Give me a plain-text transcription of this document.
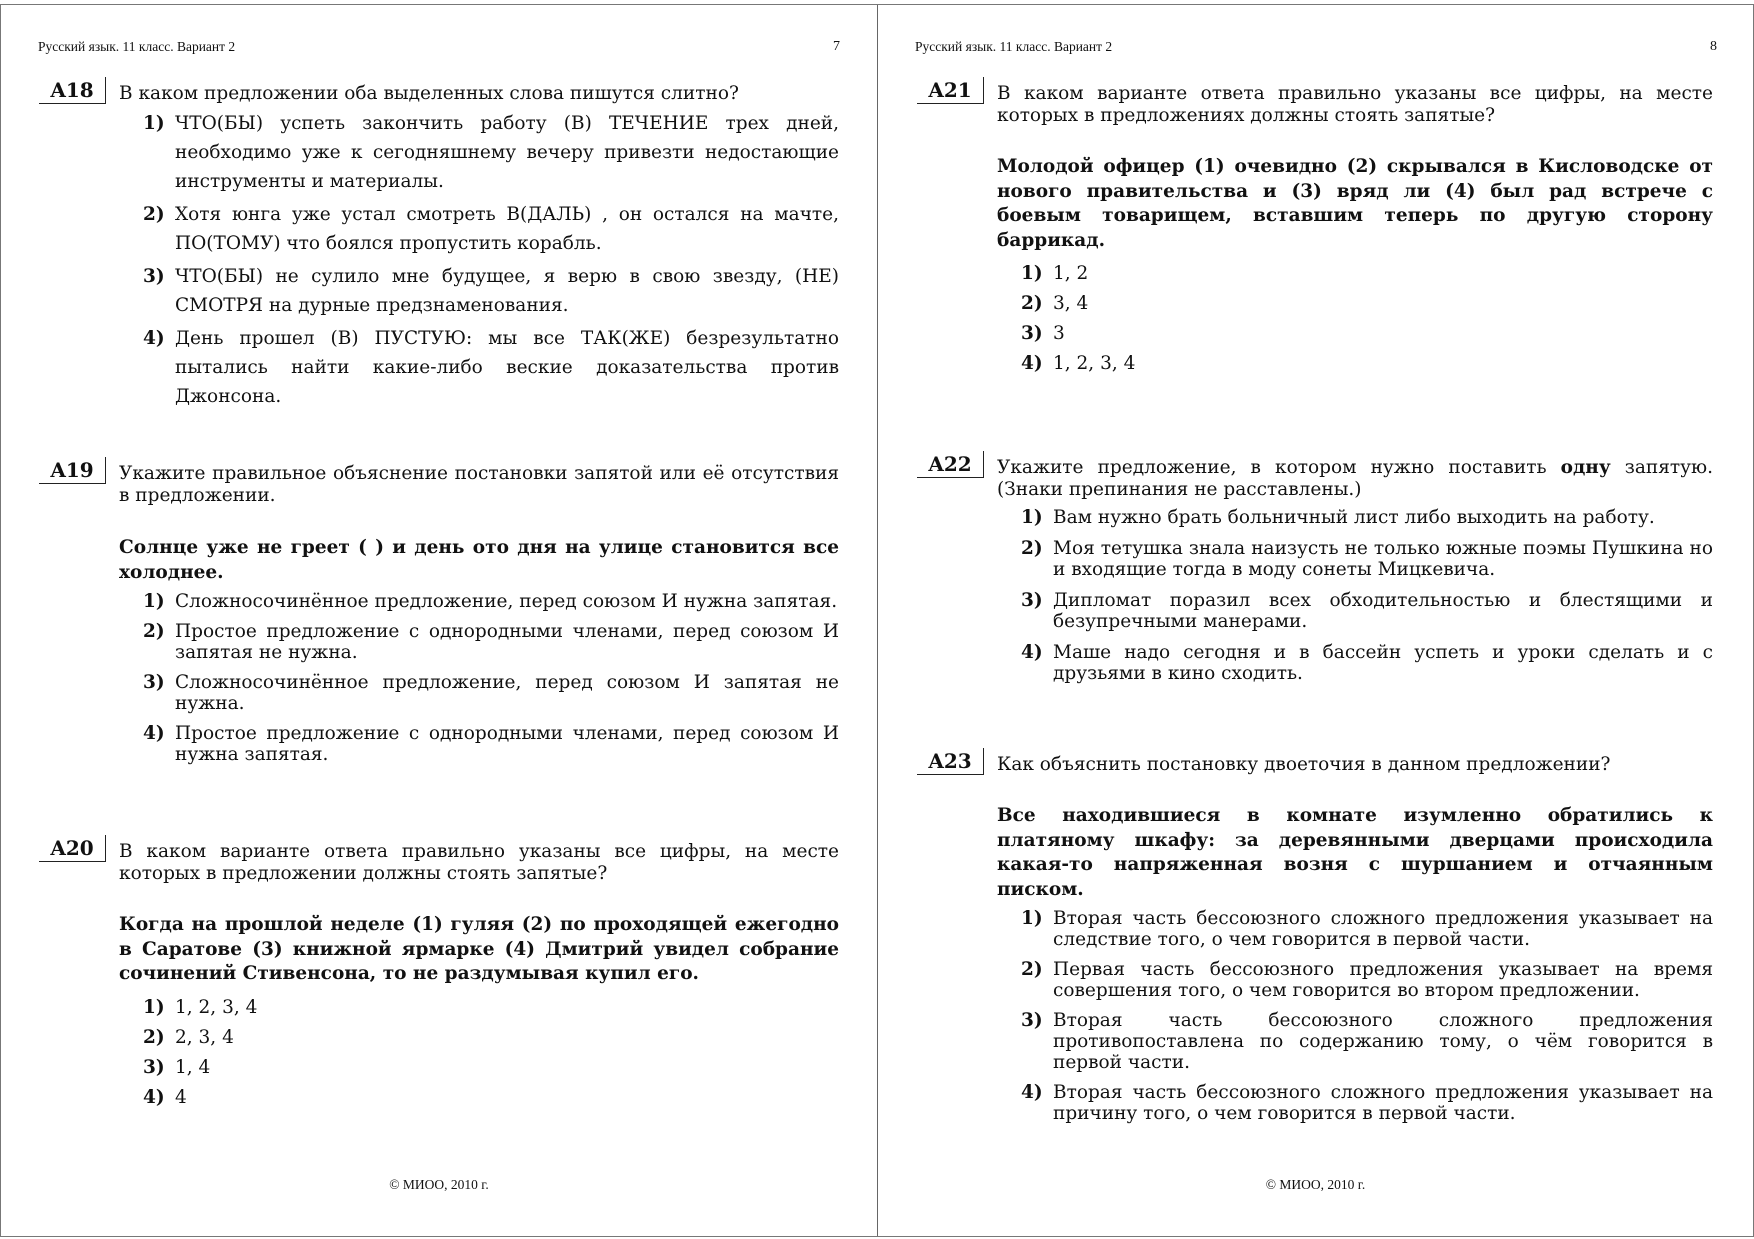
Русский язык. 11 класс. Вариант 2	7
A18	В каком предложении оба выделенных слова пишутся слитно?

1) ЧТО(БЫ) успеть закончить работу (В) ТЕЧЕНИЕ трех дней, необходимо уже к сегодняшнему вечеру привезти недостающие инструменты и материалы.
2) Хотя юнга уже устал смотреть В(ДАЛЬ) , он остался на мачте, ПО(ТОМУ) что боялся пропустить корабль.
3) ЧТО(БЫ) не сулило мне будущее, я верю в свою звезду, (НЕ) СМОТРЯ на дурные предзнаменования.
4) День прошел (В) ПУСТУЮ: мы все ТАК(ЖЕ) безрезультатно пытались найти какие-либо веские доказательства против Джонсона.
A19	Укажите правильное объяснение постановки запятой или её отсутствия в предложении.

Солнце уже не греет ( ) и день ото дня на улице становится все холоднее.

1) Сложносочинённое предложение, перед союзом И нужна запятая.
2) Простое предложение с однородными членами, перед союзом И запятая не нужна.
3) Сложносочинённое предложение, перед союзом И запятая не нужна.
4) Простое предложение с однородными членами, перед союзом И нужна запятая.
A20	В каком варианте ответа правильно указаны все цифры, на месте которых в предложении должны стоять запятые?

Когда на прошлой неделе (1) гуляя (2) по проходящей ежегодно в Саратове (3) книжной ярмарке (4) Дмитрий увидел собрание сочинений Стивенсона, то не раздумывая купил его.

1) 1, 2, 3, 4
2) 2, 3, 4
3) 1, 4
4) 4
© МИОО, 2010 г.
Русский язык. 11 класс. Вариант 2	8
A21	В каком варианте ответа правильно указаны все цифры, на месте которых в предложениях должны стоять запятые?

Молодой офицер (1) очевидно (2) скрывался в Кисловодске от нового правительства и (3) вряд ли (4) был рад встрече с боевым товарищем, вставшим теперь по другую сторону баррикад.

1) 1, 2
2) 3, 4
3) 3
4) 1, 2, 3, 4
A22	Укажите предложение, в котором нужно поставить одну запятую. (Знаки препинания не расставлены.)

1) Вам нужно брать больничный лист либо выходить на работу.
2) Моя тетушка знала наизусть не только южные поэмы Пушкина но и входящие тогда в моду сонеты Мицкевича.
3) Дипломат поразил всех обходительностью и блестящими и безупречными манерами.
4) Маше надо сегодня и в бассейн успеть и уроки сделать и с друзьями в кино сходить.
A23	Как объяснить постановку двоеточия в данном предложении?

Все находившиеся в комнате изумленно обратились к платяному шкафу: за деревянными дверцами происходила какая-то напряженная возня с шуршанием и отчаянным писком.

1) Вторая часть бессоюзного сложного предложения указывает на следствие того, о чем говорится в первой части.
2) Первая часть бессоюзного предложения указывает на время совершения того, о чем говорится во втором предложении.
3) Вторая часть бессоюзного сложного предложения противопоставлена по содержанию тому, о чём говорится в первой части.
4) Вторая часть бессоюзного сложного предложения указывает на причину того, о чем говорится в первой части.
© МИОО, 2010 г.
